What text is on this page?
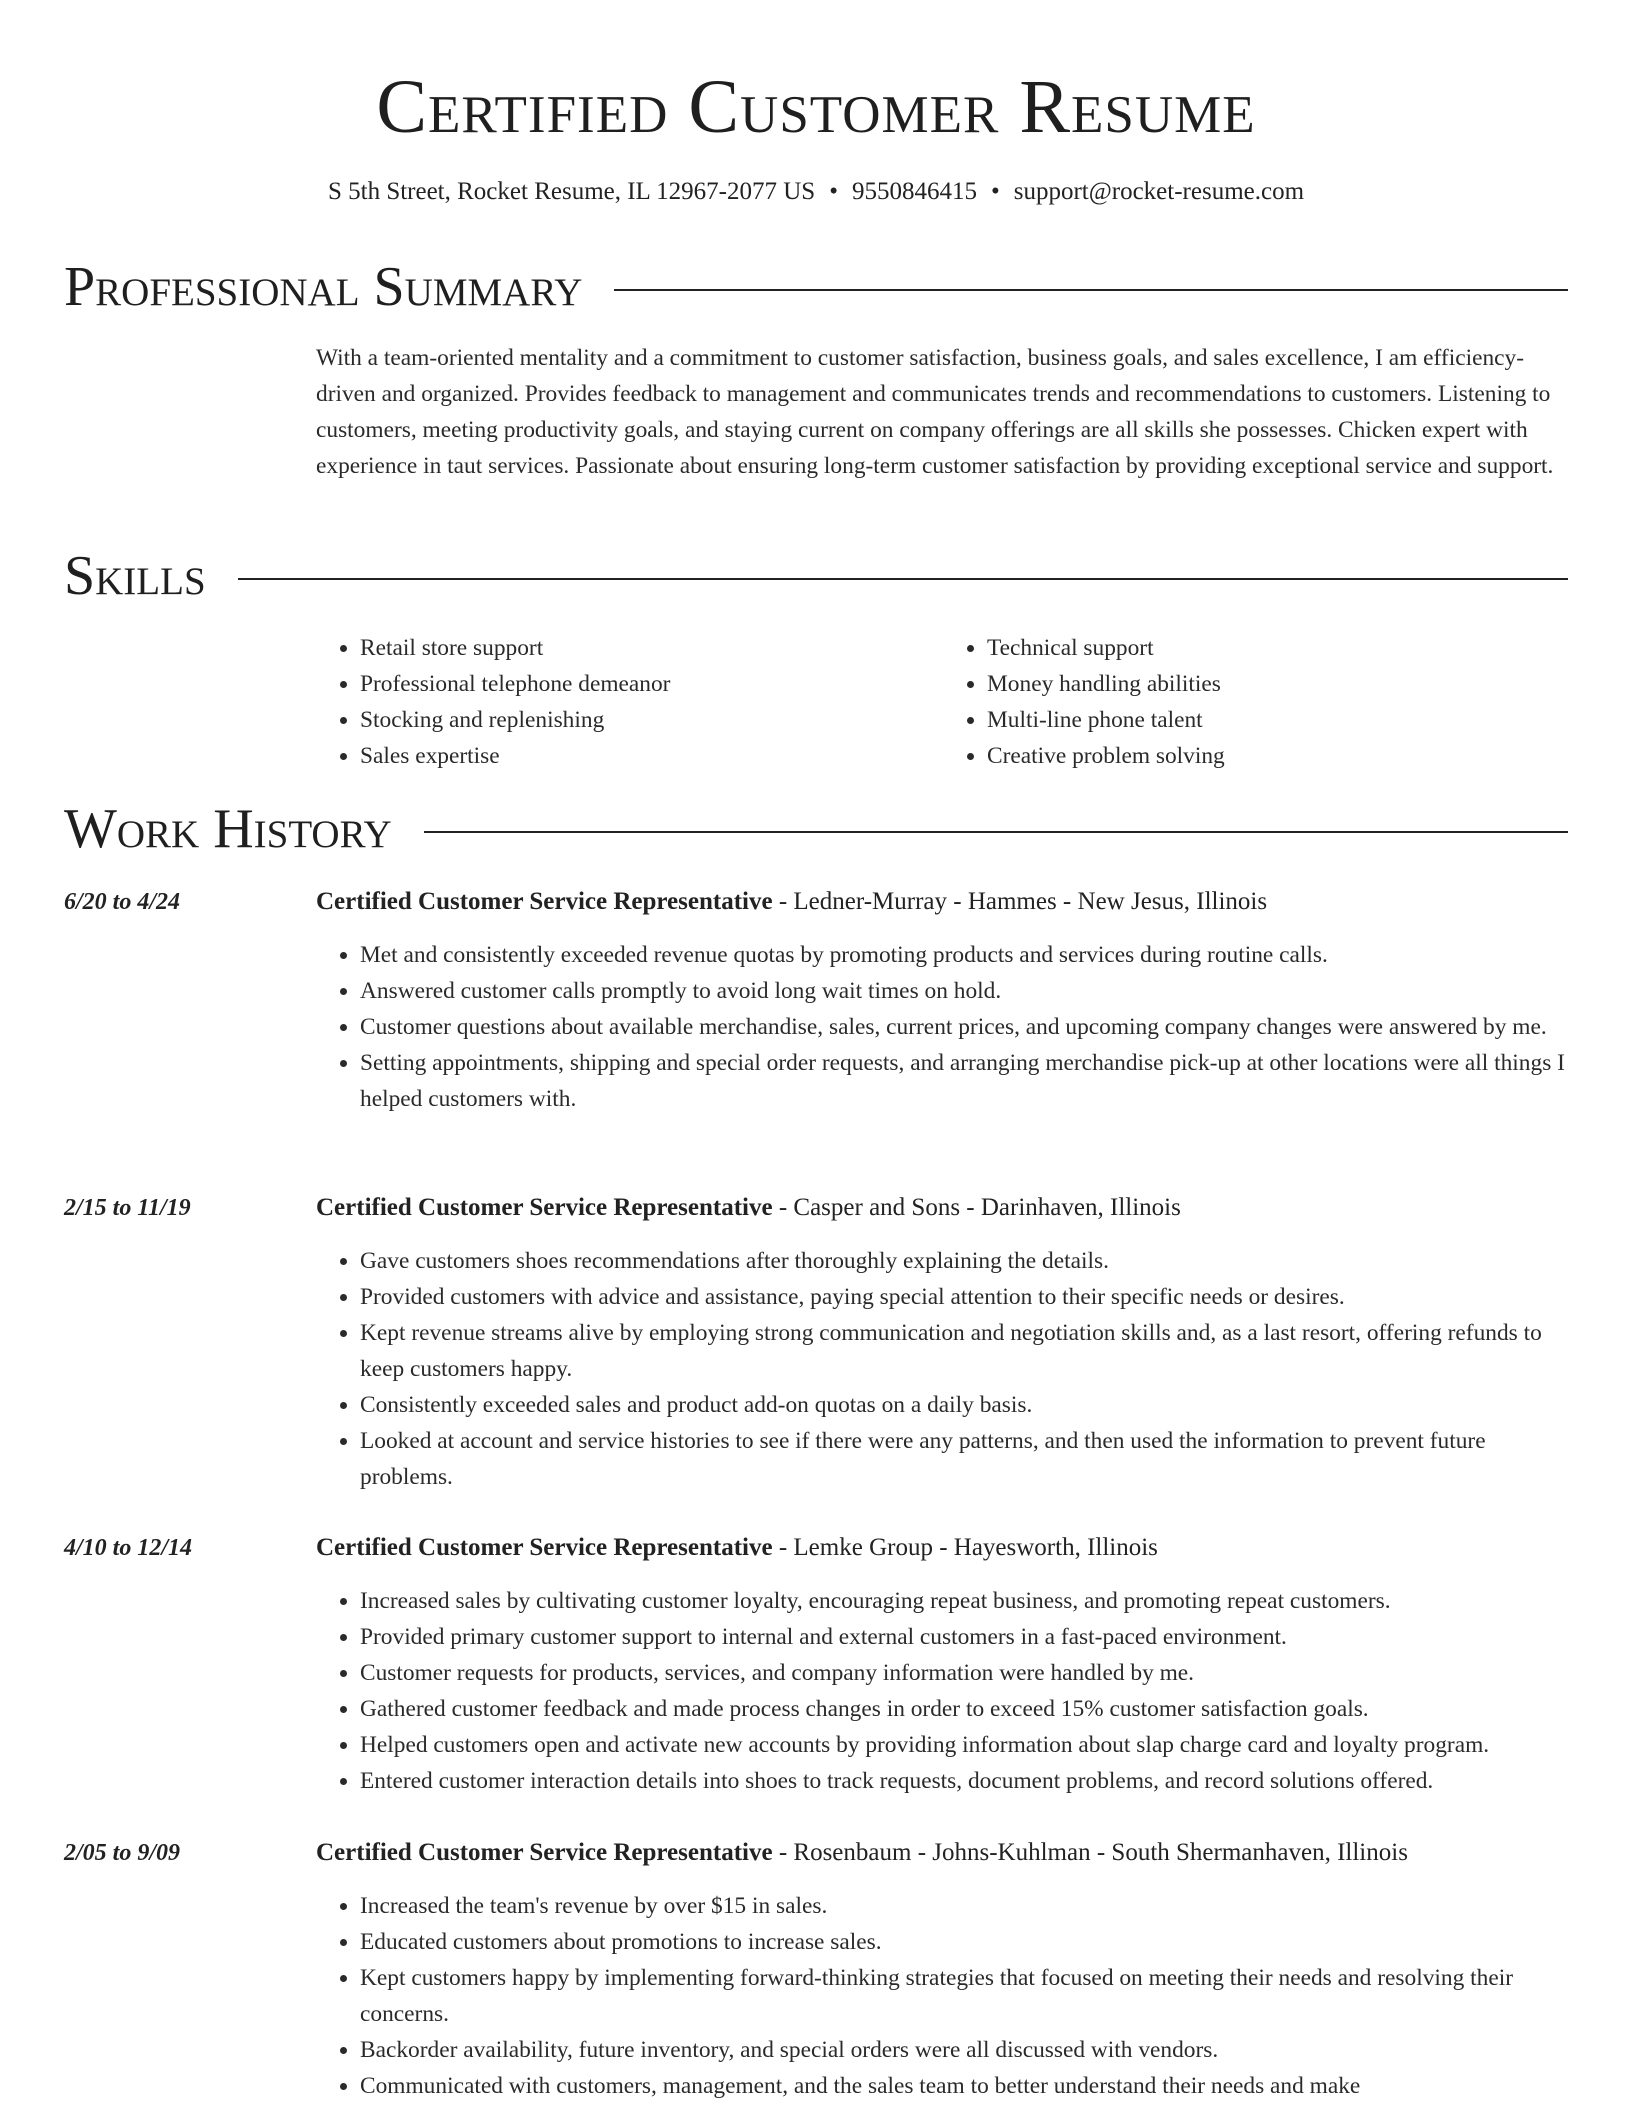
Certified Customer Resume
S 5th Street, Rocket Resume, IL 12967-2077 US • 9550846415 • support@rocket-resume.com
Professional Summary

With a team-oriented mentality and a commitment to customer satisfaction, business goals, and sales excellence, I am efficiency-driven and organized. Provides feedback to management and communicates trends and recommendations to customers. Listening to customers, meeting productivity goals, and staying current on company offerings are all skills she possesses. Chicken expert with experience in taut services. Passionate about ensuring long-term customer satisfaction by providing exceptional service and support.

Skills
• Retail store support
• Professional telephone demeanor
• Stocking and replenishing
• Sales expertise
• Technical support
• Money handling abilities
• Multi-line phone talent
• Creative problem solving
Work History
6/20 to 4/24	Certified Customer Service Representative - Ledner-Murray - Hammes - New Jesus, Illinois
• Met and consistently exceeded revenue quotas by promoting products and services during routine calls.
• Answered customer calls promptly to avoid long wait times on hold.
• Customer questions about available merchandise, sales, current prices, and upcoming company changes were answered by me.
• Setting appointments, shipping and special order requests, and arranging merchandise pick-up at other locations were all things I helped customers with.
2/15 to 11/19	Certified Customer Service Representative - Casper and Sons - Darinhaven, Illinois
• Gave customers shoes recommendations after thoroughly explaining the details.
• Provided customers with advice and assistance, paying special attention to their specific needs or desires.
• Kept revenue streams alive by employing strong communication and negotiation skills and, as a last resort, offering refunds to keep customers happy.
• Consistently exceeded sales and product add-on quotas on a daily basis.
• Looked at account and service histories to see if there were any patterns, and then used the information to prevent future problems.
4/10 to 12/14	Certified Customer Service Representative - Lemke Group - Hayesworth, Illinois
• Increased sales by cultivating customer loyalty, encouraging repeat business, and promoting repeat customers.
• Provided primary customer support to internal and external customers in a fast-paced environment.
• Customer requests for products, services, and company information were handled by me.
• Gathered customer feedback and made process changes in order to exceed 15% customer satisfaction goals.
• Helped customers open and activate new accounts by providing information about slap charge card and loyalty program.
• Entered customer interaction details into shoes to track requests, document problems, and record solutions offered.
2/05 to 9/09	Certified Customer Service Representative - Rosenbaum - Johns-Kuhlman - South Shermanhaven, Illinois
• Increased the team's revenue by over $15 in sales.
• Educated customers about promotions to increase sales.
• Kept customers happy by implementing forward-thinking strategies that focused on meeting their needs and resolving their concerns.
• Backorder availability, future inventory, and special orders were all discussed with vendors.
• Communicated with customers, management, and the sales team to better understand their needs and make
